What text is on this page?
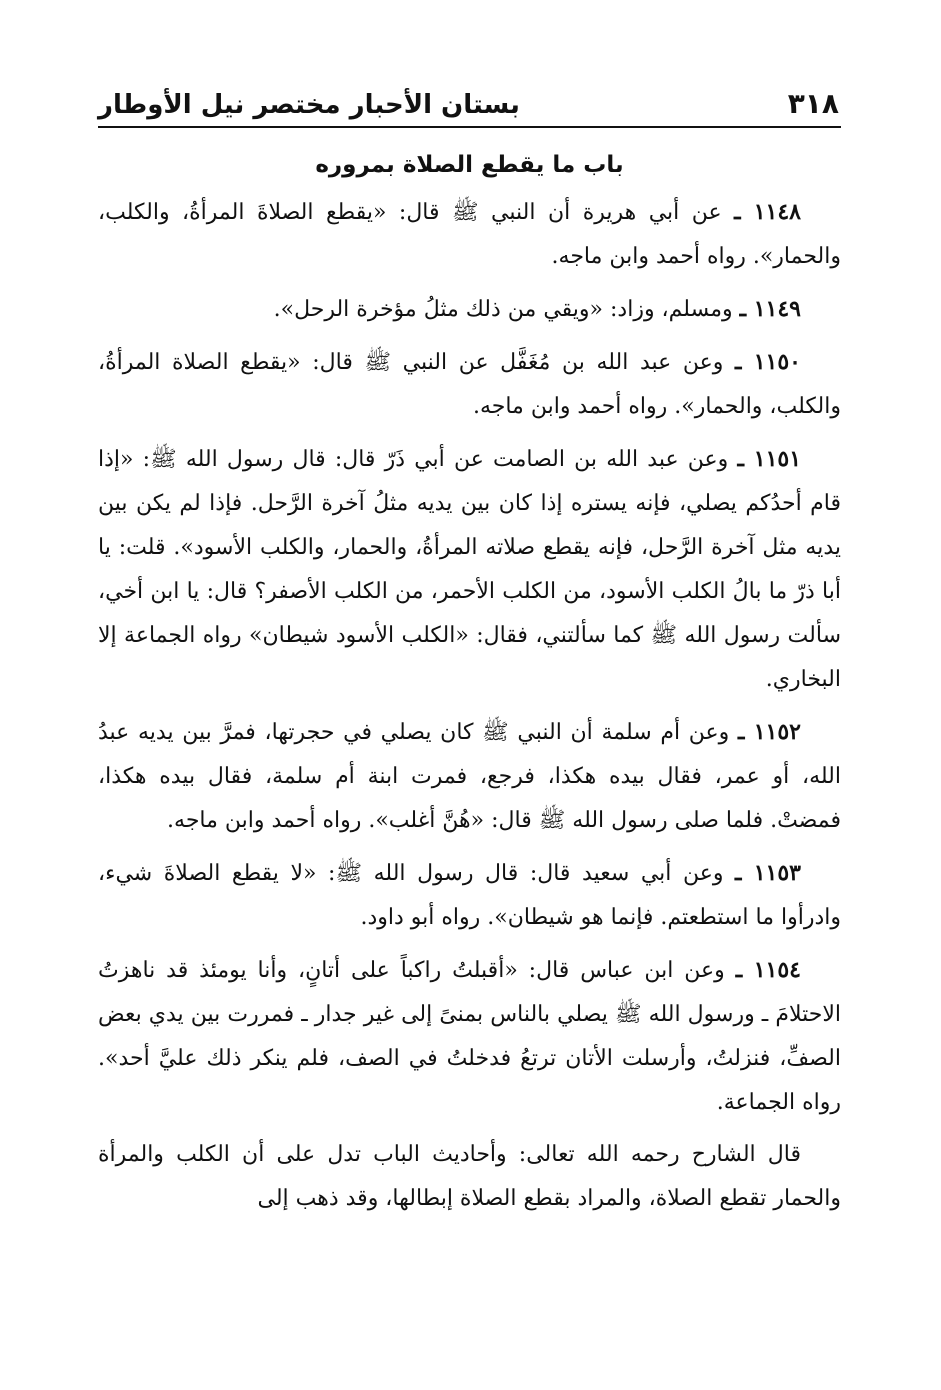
٣١٨
بستان الأحبار مختصر نيل الأوطار
باب ما يقطع الصلاة بمروره

١١٤٨ ـ عن أبي هريرة أن النبي ﷺ قال: «يقطع الصلاةَ المرأةُ، والكلب، والحمار». رواه أحمد وابن ماجه.

١١٤٩ ـ ومسلم، وزاد: «ويقي من ذلك مثلُ مؤخرة الرحل».

١١٥٠ ـ وعن عبد الله بن مُغَفَّل عن النبي ﷺ قال: «يقطع الصلاة المرأةُ، والكلب، والحمار». رواه أحمد وابن ماجه.

١١٥١ ـ وعن عبد الله بن الصامت عن أبي ذَرّ قال: قال رسول الله ﷺ: «إذا قام أحدُكم يصلي، فإنه يستره إذا كان بين يديه مثلُ آخرة الرَّحل. فإذا لم يكن بين يديه مثل آخرة الرَّحل، فإنه يقطع صلاته المرأةُ، والحمار، والكلب الأسود». قلت: يا أبا ذرّ ما بالُ الكلب الأسود، من الكلب الأحمر، من الكلب الأصفر؟ قال: يا ابن أخي، سألت رسول الله ﷺ كما سألتني، فقال: «الكلب الأسود شيطان» رواه الجماعة إلا البخاري.

١١٥٢ ـ وعن أم سلمة أن النبي ﷺ كان يصلي في حجرتها، فمرَّ بين يديه عبدُ الله، أو عمر، فقال بيده هكذا، فرجع، فمرت ابنة أم سلمة، فقال بيده هكذا، فمضتْ. فلما صلى رسول الله ﷺ قال: «هُنَّ أغلب». رواه أحمد وابن ماجه.

١١٥٣ ـ وعن أبي سعيد قال: قال رسول الله ﷺ: «لا يقطع الصلاةَ شيء، وادرأوا ما استطعتم. فإنما هو شيطان». رواه أبو داود.

١١٥٤ ـ وعن ابن عباس قال: «أقبلتُ راكباً على أتانٍ، وأنا يومئذ قد ناهزتُ الاحتلامَ ـ ورسول الله ﷺ يصلي بالناس بمنىً إلى غير جدار ـ فمررت بين يدي بعض الصفِّ، فنزلتُ، وأرسلت الأتان ترتعُ فدخلتُ في الصف، فلم ينكر ذلك عليَّ أحد». رواه الجماعة.

قال الشارح رحمه الله تعالى: وأحاديث الباب تدل على أن الكلب والمرأة والحمار تقطع الصلاة، والمراد بقطع الصلاة إبطالها، وقد ذهب إلى
